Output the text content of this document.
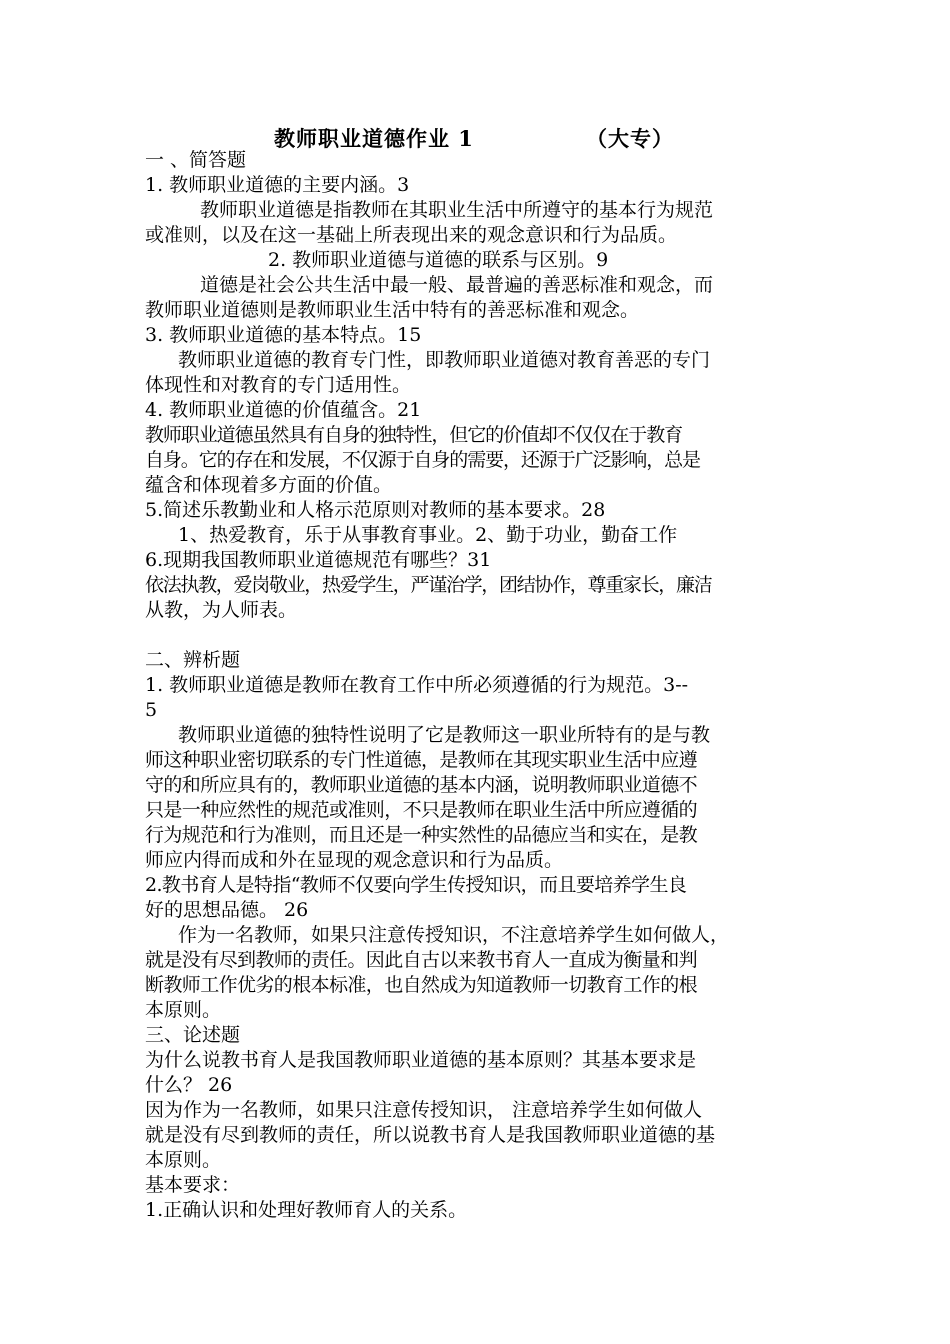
教师职业道德作业 1	（大专）
一 、简答题
1. 教师职业道德的主要内涵。3
教师职业道德是指教师在其职业生活中所遵守的基本行为规范
或准则，以及在这一基础上所表现出来的观念意识和行为品质。
2. 教师职业道德与道德的联系与区别。9
道德是社会公共生活中最一般、最普遍的善恶标准和观念，而
教师职业道德则是教师职业生活中特有的善恶标准和观念。
3. 教师职业道德的基本特点。15
教师职业道德的教育专门性，即教师职业道德对教育善恶的专门
体现性和对教育的专门适用性。
4. 教师职业道德的价值蕴含。21
教师职业道德虽然具有自身的独特性，但它的价值却不仅仅在于教育
自身。它的存在和发展，不仅源于自身的需要，还源于广泛影响，总是
蕴含和体现着多方面的价值。
5.简述乐教勤业和人格示范原则对教师的基本要求。28
1、热爱教育，乐于从事教育事业。2、勤于功业，勤奋工作
6.现期我国教师职业道德规范有哪些？31
依法执教，爱岗敬业，热爱学生，严谨治学，团结协作，尊重家长，廉洁
从教，为人师表。
二、辨析题
1. 教师职业道德是教师在教育工作中所必须遵循的行为规范。3--
5
教师职业道德的独特性说明了它是教师这一职业所特有的是与教
师这种职业密切联系的专门性道德，是教师在其现实职业生活中应遵
守的和所应具有的，教师职业道德的基本内涵，说明教师职业道德不
只是一种应然性的规范或准则，不只是教师在职业生活中所应遵循的
行为规范和行为准则，而且还是一种实然性的品德应当和实在，是教
师应内得而成和外在显现的观念意识和行为品质。
2.教书育人是特指“教师不仅要向学生传授知识，而且要培养学生良
好的思想品德。 26
作为一名教师，如果只注意传授知识，不注意培养学生如何做人，
就是没有尽到教师的责任。因此自古以来教书育人一直成为衡量和判
断教师工作优劣的根本标准，也自然成为知道教师一切教育工作的根
本原则。
三、论述题
为什么说教书育人是我国教师职业道德的基本原则？其基本要求是
什么？ 26
因为作为一名教师，如果只注意传授知识， 注意培养学生如何做人
就是没有尽到教师的责任，所以说教书育人是我国教师职业道德的基
本原则。
基本要求：
1.正确认识和处理好教师育人的关系。
